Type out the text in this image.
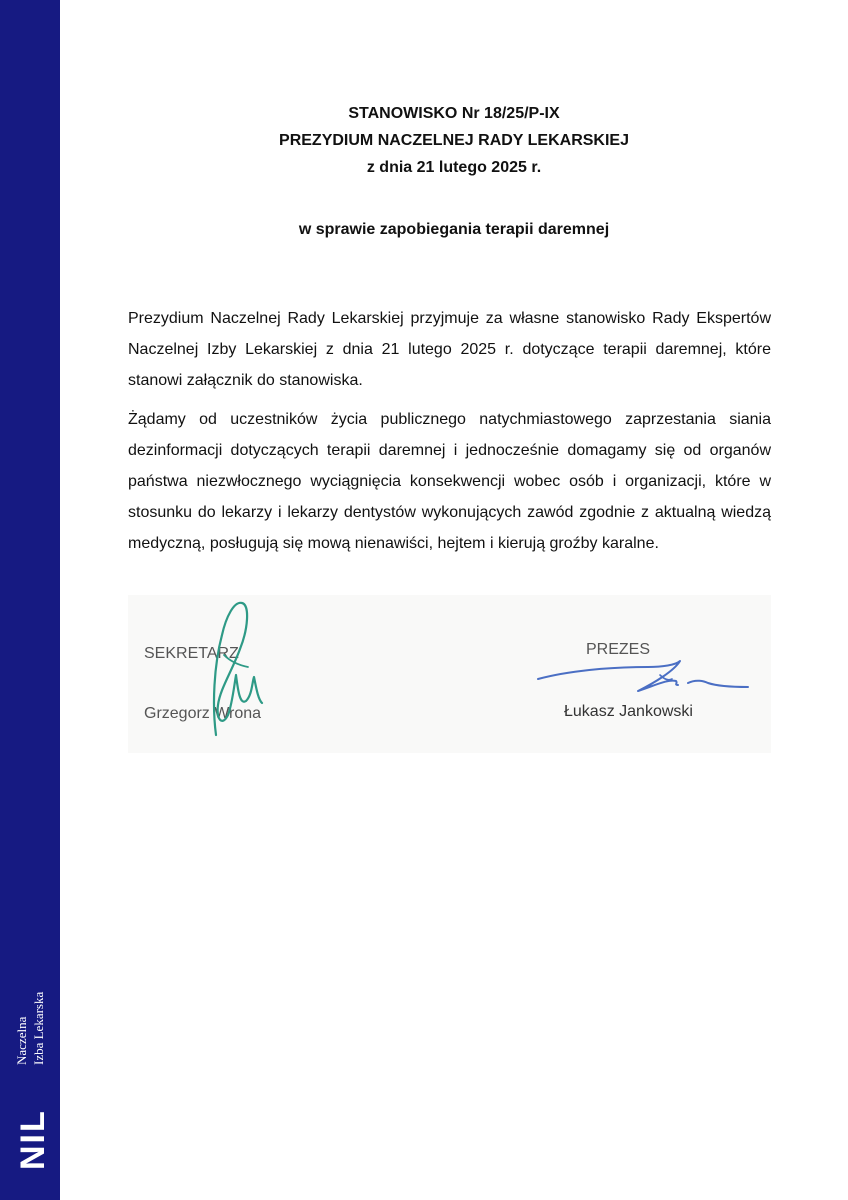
NIL
Naczelna Izba Lekarska
STANOWISKO Nr 18/25/P-IX
PREZYDIUM NACZELNEJ RADY LEKARSKIEJ
z dnia 21 lutego 2025 r.
w sprawie zapobiegania terapii daremnej

Prezydium Naczelnej Rady Lekarskiej przyjmuje za własne stanowisko Rady Ekspertów Naczelnej Izby Lekarskiej z dnia 21 lutego 2025 r. dotyczące terapii daremnej, które stanowi załącznik do stanowiska.

Żądamy od uczestników życia publicznego natychmiastowego zaprzestania siania dezinformacji dotyczących terapii daremnej i jednocześnie domagamy się od organów państwa niezwłocznego wyciągnięcia konsekwencji wobec osób i organizacji, które w stosunku do lekarzy i lekarzy dentystów wykonujących zawód zgodnie z aktualną wiedzą medyczną, posługują się mową nienawiści, hejtem i kierują groźby karalne.

SEKRETARZ
Grzegorz Wrona
PREZES
Łukasz Jankowski
